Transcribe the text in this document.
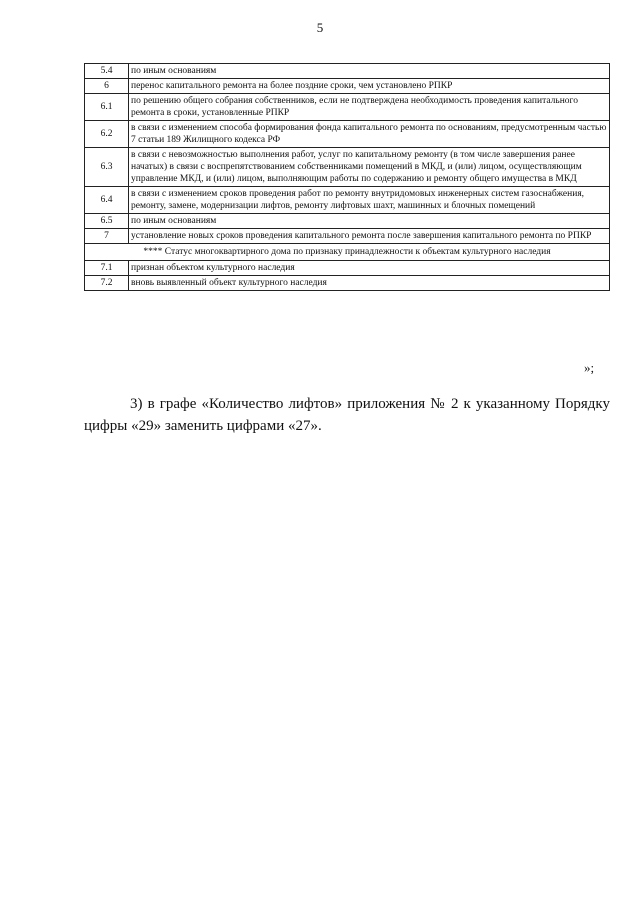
5
5.4	по иным основаниям
6	перенос капитального ремонта на более поздние сроки, чем установлено РПКР
6.1	по решению общего собрания собственников, если не подтверждена необходимость проведения капитального ремонта в сроки, установленные РПКР
6.2	в связи с изменением способа формирования фонда капитального ремонта по основаниям, предусмотренным частью 7 статьи 189 Жилищного кодекса РФ
6.3	в связи с невозможностью выполнения работ, услуг по капитальному ремонту (в том числе завершения ранее начатых) в связи с воспрепятствованием собственниками помещений в МКД, и (или) лицом, осуществляющим управление МКД, и (или) лицом, выполняющим работы по содержанию и ремонту общего имущества в МКД
6.4	в связи с изменением сроков проведения работ по ремонту внутридомовых инженерных систем газоснабжения, ремонту, замене, модернизации лифтов, ремонту лифтовых шахт, машинных и блочных помещений
6.5	по иным основаниям
7	установление новых сроков проведения капитального ремонта после завершения капитального ремонта по РПКР
**** Статус многоквартирного дома по признаку принадлежности к объектам культурного наследия	
7.1	признан объектом культурного наследия
7.2	вновь выявленный объект культурного наследия
»;

3) в графе «Количество лифтов» приложения № 2 к указанному Порядку цифры «29» заменить цифрами «27».
